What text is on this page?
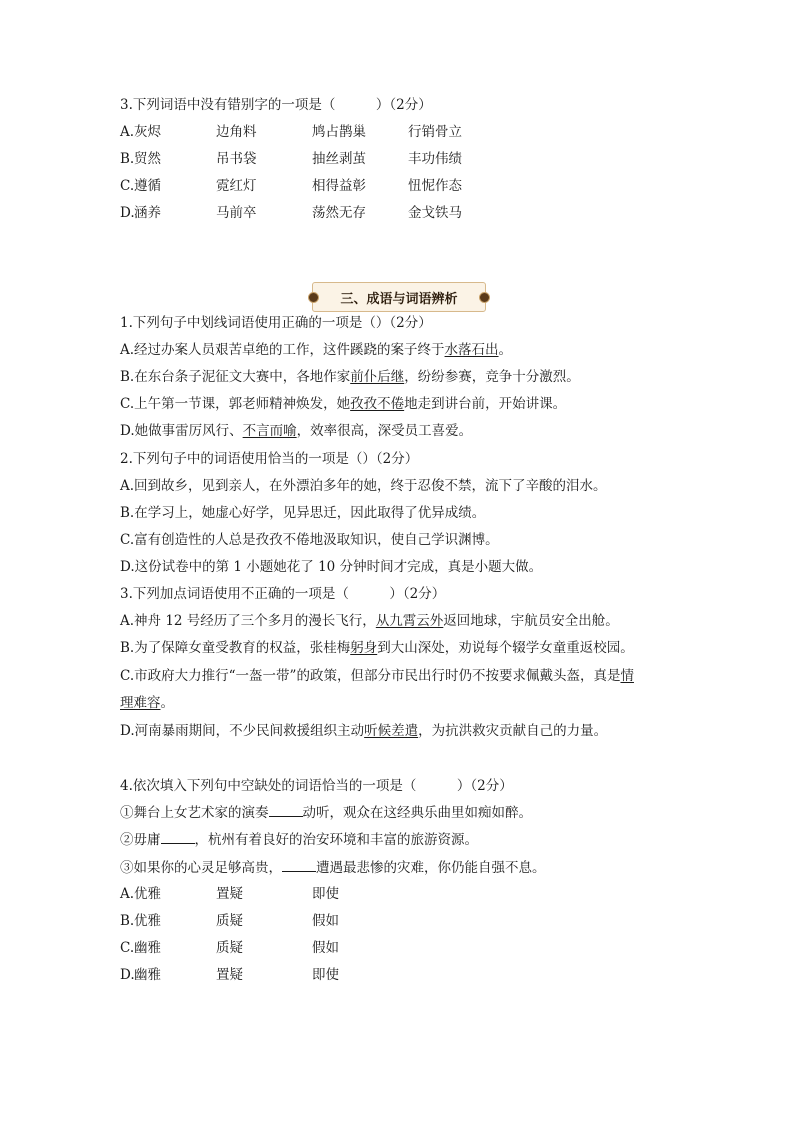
3.下列词语中没有错别字的一项是（　　　）（2分）
A. 灰烬	边角料	鸠占鹊巢	行销骨立
B. 贸然	吊书袋	抽丝剥茧	丰功伟绩
C. 遵循	霓红灯	相得益彰	忸怩作态
D. 涵养	马前卒	荡然无存	金戈铁马
三、成语与词语辨析
1.下列句子中划线词语使用正确的一项是（）（2分）
A.经过办案人员艰苦卓绝的工作，这件蹊跷的案子终于水落石出。
B.在东台条子泥征文大赛中，各地作家前仆后继，纷纷参赛，竞争十分激烈。
C.上午第一节课，郭老师精神焕发，她孜孜不倦地走到讲台前，开始讲课。
D.她做事雷厉风行、不言而喻，效率很高，深受员工喜爱。
2.下列句子中的词语使用恰当的一项是（）（2分）
A.回到故乡，见到亲人，在外漂泊多年的她，终于忍俊不禁，流下了辛酸的泪水。
B.在学习上，她虚心好学，见异思迁，因此取得了优异成绩。
C.富有创造性的人总是孜孜不倦地汲取知识，使自己学识渊博。
D.这份试卷中的第 1 小题她花了 10 分钟时间才完成，真是小题大做。
3.下列加点词语使用不正确的一项是（　　　）（2分）
A.神舟 12 号经历了三个多月的漫长飞行，从九霄云外返回地球，宇航员安全出舱。
B.为了保障女童受教育的权益，张桂梅躬身到大山深处，劝说每个辍学女童重返校园。
C.市政府大力推行“一盔一带”的政策，但部分市民出行时仍不按要求佩戴头盔，真是情
理难容。
D.河南暴雨期间，不少民间救援组织主动听候差遣，为抗洪救灾贡献自己的力量。
4.依次填入下列句中空缺处的词语恰当的一项是（　　　）（2分）
①舞台上女艺术家的演奏	动听，观众在这经典乐曲里如痴如醉。
②毋庸	，杭州有着良好的治安环境和丰富的旅游资源。
③如果你的心灵足够高贵，	遭遇最悲惨的灾难，你仍能自强不息。
A. 优雅	置疑	即使
B. 优雅	质疑	假如
C. 幽雅	质疑	假如
D. 幽雅	置疑	即使
